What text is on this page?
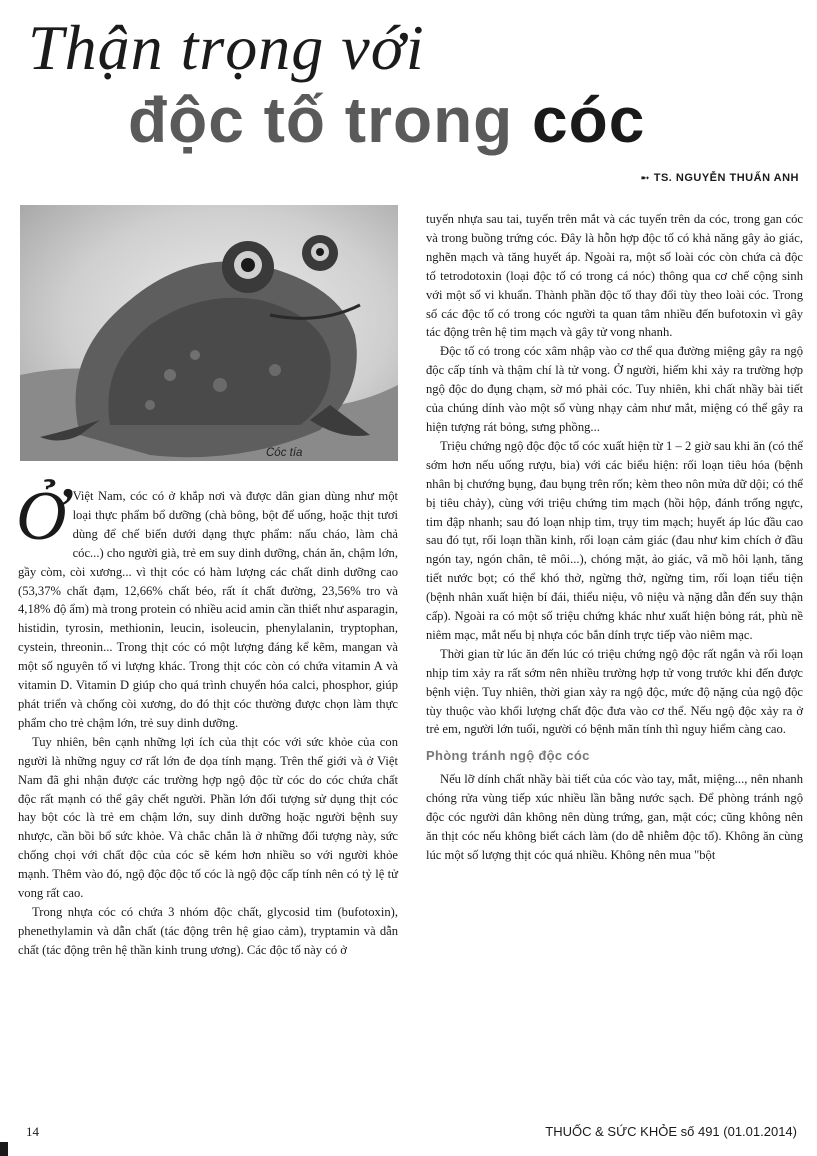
Thận trọng với
độc tố trong cóc
➸ TS. NGUYỄN THUẤN ANH
Cóc tía

Ở Việt Nam, cóc có ở khắp nơi và được dân gian dùng như một loại thực phẩm bổ dưỡng (chà bông, bột để uống, hoặc thịt tươi dùng để chế biến dưới dạng thực phẩm: nấu cháo, làm chả cóc...) cho người già, trẻ em suy dinh dưỡng, chán ăn, chậm lớn, gầy còm, còi xương... vì thịt cóc có hàm lượng các chất dinh dưỡng cao (53,37% chất đạm, 12,66% chất béo, rất ít chất đường, 23,56% tro và 4,18% độ ẩm) mà trong protein có nhiều acid amin cần thiết như asparagin, histidin, tyrosin, methionin, leucin, isoleucin, phenylalanin, tryptophan, cystein, threonin... Trong thịt cóc có một lượng đáng kể kẽm, mangan và một số nguyên tố vi lượng khác. Trong thịt cóc còn có chứa vitamin A và vitamin D. Vitamin D giúp cho quá trình chuyển hóa calci, phosphor, giúp phát triển và chống còi xương, do đó thịt cóc thường được chọn làm thực phẩm cho trẻ chậm lớn, trẻ suy dinh dưỡng.

Tuy nhiên, bên cạnh những lợi ích của thịt cóc với sức khỏe của con người là những nguy cơ rất lớn đe dọa tính mạng. Trên thế giới và ở Việt Nam đã ghi nhận được các trường hợp ngộ độc từ cóc do cóc chứa chất độc rất mạnh có thể gây chết người. Phần lớn đối tượng sử dụng thịt cóc hay bột cóc là trẻ em chậm lớn, suy dinh dưỡng hoặc người bệnh suy nhược, cần bồi bổ sức khỏe. Và chắc chắn là ở những đối tượng này, sức chống chọi với chất độc của cóc sẽ kém hơn nhiều so với người khỏe mạnh. Thêm vào đó, ngộ độc độc tố cóc là ngộ độc cấp tính nên có tỷ lệ tử vong rất cao.

Trong nhựa cóc có chứa 3 nhóm độc chất, glycosid tim (bufotoxin), phenethylamin và dẫn chất (tác động trên hệ giao cảm), tryptamin và dẫn chất (tác động trên hệ thần kinh trung ương). Các độc tố này có ở

tuyến nhựa sau tai, tuyến trên mắt và các tuyến trên da cóc, trong gan cóc và trong buồng trứng cóc. Đây là hỗn hợp độc tố có khả năng gây ảo giác, nghẽn mạch và tăng huyết áp. Ngoài ra, một số loài cóc còn chứa cả độc tố tetrodotoxin (loại độc tố có trong cá nóc) thông qua cơ chế cộng sinh với một số vi khuẩn. Thành phần độc tố thay đổi tùy theo loài cóc. Trong số các độc tố có trong cóc người ta quan tâm nhiều đến bufotoxin vì gây tác động trên hệ tim mạch và gây tử vong nhanh.

Độc tố có trong cóc xâm nhập vào cơ thể qua đường miệng gây ra ngộ độc cấp tính và thậm chí là tử vong. Ở người, hiếm khi xảy ra trường hợp ngộ độc do đụng chạm, sờ mó phải cóc. Tuy nhiên, khi chất nhầy bài tiết của chúng dính vào một số vùng nhạy cảm như mắt, miệng có thể gây ra hiện tượng rát bỏng, sưng phồng...

Triệu chứng ngộ độc độc tố cóc xuất hiện từ 1 – 2 giờ sau khi ăn (có thể sớm hơn nếu uống rượu, bia) với các biểu hiện: rối loạn tiêu hóa (bệnh nhân bị chướng bụng, đau bụng trên rốn; kèm theo nôn mửa dữ dội; có thể bị tiêu chảy), cùng với triệu chứng tim mạch (hồi hộp, đánh trống ngực, tim đập nhanh; sau đó loạn nhịp tim, trụy tim mạch; huyết áp lúc đầu cao sau đó tụt, rối loạn thần kinh, rối loạn cảm giác (đau như kim chích ở đầu ngón tay, ngón chân, tê môi...), chóng mặt, ảo giác, vã mồ hôi lạnh, tăng tiết nước bọt; có thể khó thở, ngừng thở, ngừng tim, rối loạn tiểu tiện (bệnh nhân xuất hiện bí đái, thiểu niệu, vô niệu và nặng dẫn đến suy thận cấp). Ngoài ra có một số triệu chứng khác như xuất hiện bỏng rát, phù nề niêm mạc, mắt nếu bị nhựa cóc bắn dính trực tiếp vào niêm mạc.

Thời gian từ lúc ăn đến lúc có triệu chứng ngộ độc rất ngắn và rối loạn nhịp tim xảy ra rất sớm nên nhiều trường hợp tử vong trước khi đến được bệnh viện. Tuy nhiên, thời gian xảy ra ngộ độc, mức độ nặng của ngộ độc tùy thuộc vào khối lượng chất độc đưa vào cơ thể. Nếu ngộ độc xảy ra ở trẻ em, người lớn tuổi, người có bệnh mãn tính thì nguy hiểm càng cao.

Phòng tránh ngộ độc cóc

Nếu lỡ dính chất nhầy bài tiết của cóc vào tay, mắt, miệng..., nên nhanh chóng rửa vùng tiếp xúc nhiều lần bằng nước sạch. Để phòng tránh ngộ độc cóc người dân không nên dùng trứng, gan, mật cóc; cũng không nên ăn thịt cóc nếu không biết cách làm (do dễ nhiễm độc tố). Không ăn cùng lúc một số lượng thịt cóc quá nhiều. Không nên mua "bột

14	THUỐC & SỨC KHỎE số 491 (01.01.2014)
